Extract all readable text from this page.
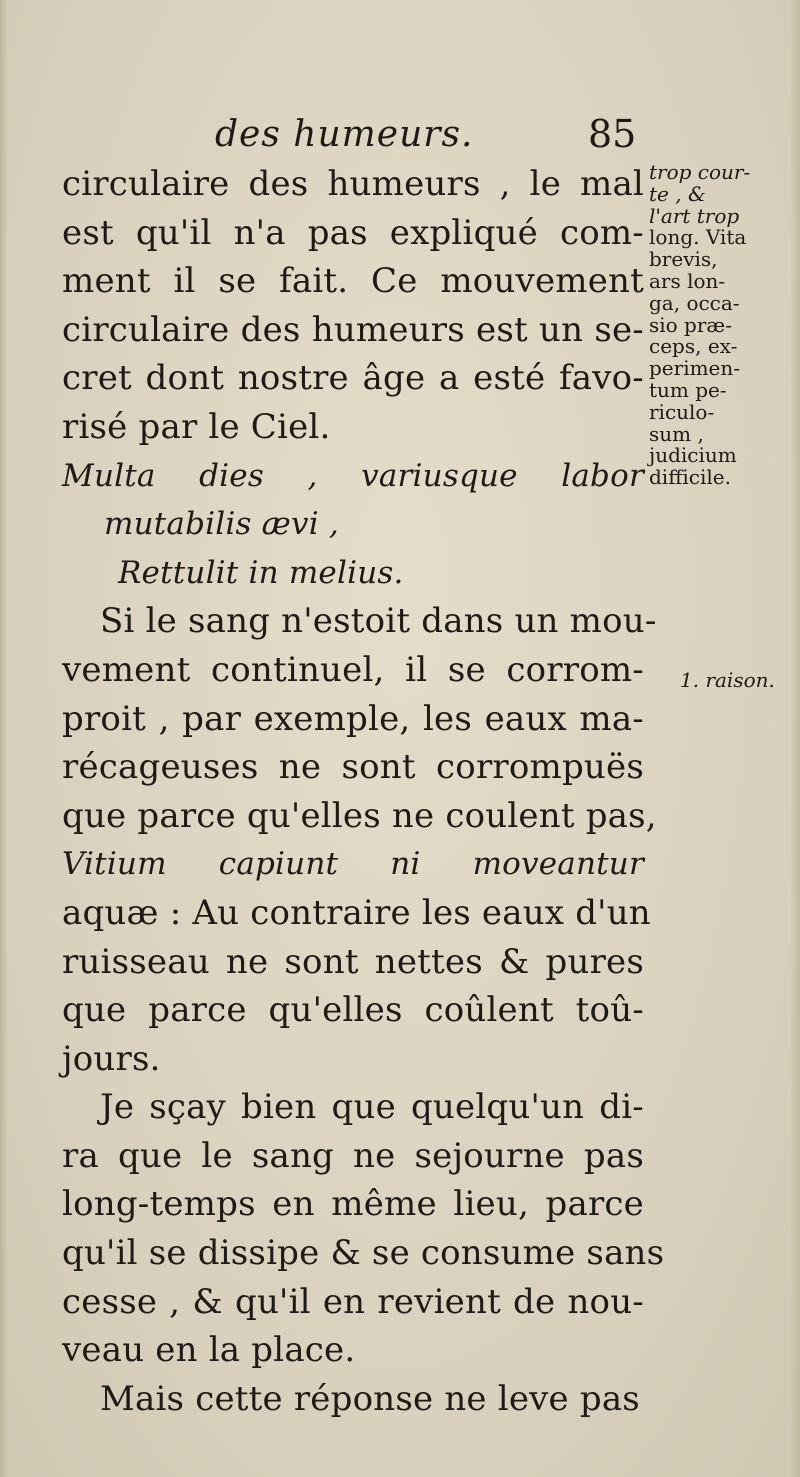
des humeurs.	85
circulaire des humeurs , le mal
est qu'il n'a pas expliqué com-
ment il se fait. Ce mouvement
circulaire des humeurs est un se-
cret dont nostre âge a esté favo-
risé par le Ciel.
Multa dies , variusque labor
mutabilis ævi ,
Rettulit in melius.
Si le sang n'estoit dans un mou-
vement continuel, il se corrom-
proit , par exemple, les eaux ma-
récageuses ne sont corrompuës
que parce qu'elles ne coulent pas,
Vitium capiunt ni moveantur
aquæ : Au contraire les eaux d'un
ruisseau ne sont nettes & pures
que parce qu'elles coûlent toû-
jours.
Je sçay bien que quelqu'un di-
ra que le sang ne sejourne pas
long-temps en même lieu, parce
qu'il se dissipe & se consume sans
cesse , & qu'il en revient de nou-
veau en la place.
Mais cette réponse ne leve pas
trop cour-
te , &
l'art trop
long. Vita
brevis,
ars lon-
ga, occa-
sio præ-
ceps, ex-
perimen-
tum pe-
riculo-
sum ,
judicium
difficile.
1. raison.
